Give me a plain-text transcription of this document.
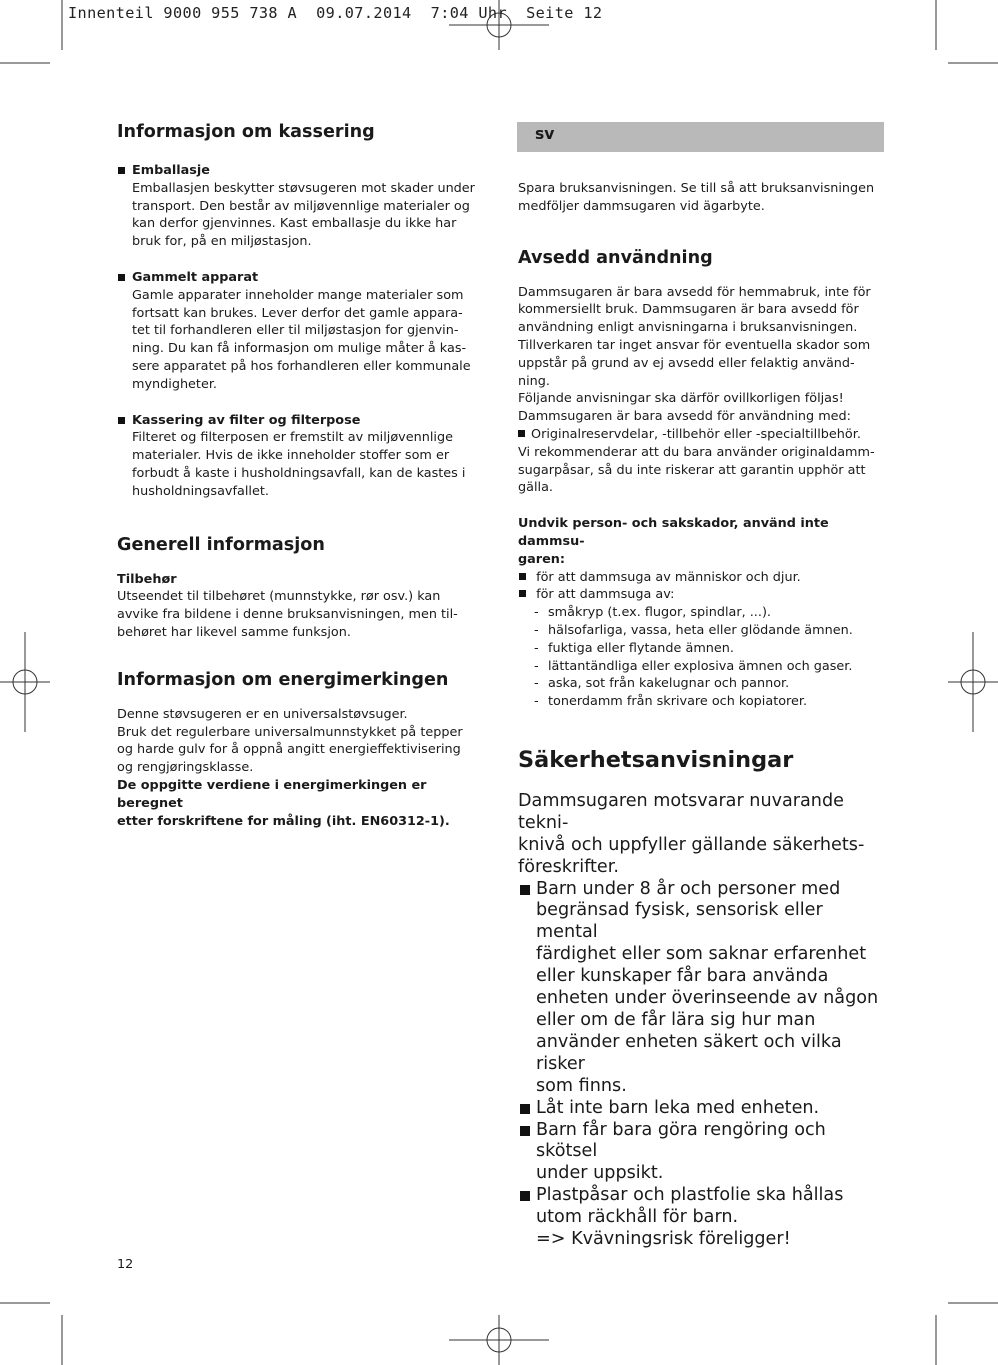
Innenteil 9000 955 738 A  09.07.2014  7:04 Uhr  Seite 12
sv
Informasjon om kassering
Emballasje
Emballasjen beskytter støvsugeren mot skader under
transport. Den består av miljøvennlige materialer og
kan derfor gjenvinnes. Kast emballasje du ikke har
bruk for, på en miljøstasjon.
Gammelt apparat
Gamle apparater inneholder mange materialer som
fortsatt kan brukes. Lever derfor det gamle appara-
tet til forhandleren eller til miljøstasjon for gjenvin-
ning. Du kan få informasjon om mulige måter å kas-
sere apparatet på hos forhandleren eller kommunale
myndigheter.
Kassering av filter og filterpose
Filteret og filterposen er fremstilt av miljøvennlige
materialer. Hvis de ikke inneholder stoffer som er
forbudt å kaste i husholdningsavfall, kan de kastes i
husholdningsavfallet.
Generell informasjon
Tilbehør
Utseendet til tilbehøret (munnstykke, rør osv.) kan
avvike fra bildene i denne bruksanvisningen, men til-
behøret har likevel samme funksjon.
Informasjon om energimerkingen
Denne støvsugeren er en universalstøvsuger.
Bruk det regulerbare universalmunnstykket på tepper
og harde gulv for å oppnå angitt energieffektivisering
og rengjøringsklasse.
De oppgitte verdiene i energimerkingen er beregnet
etter forskriftene for måling (iht. EN60312-1).
Spara bruksanvisningen. Se till så att bruksanvisningen
medföljer dammsugaren vid ägarbyte.
Avsedd användning
Dammsugaren är bara avsedd för hemmabruk, inte för
kommersiellt bruk. Dammsugaren är bara avsedd för
användning enligt anvisningarna i bruksanvisningen.
Tillverkaren tar inget ansvar för eventuella skador som
uppstår på grund av ej avsedd eller felaktig använd-
ning.
Följande anvisningar ska därför ovillkorligen följas!
Dammsugaren är bara avsedd för användning med:
Originalreservdelar, -tillbehör eller -specialtillbehör.
Vi rekommenderar att du bara använder originaldamm-
sugarpåsar, så du inte riskerar att garantin upphör att
gälla.
Undvik person- och sakskador, använd inte dammsu-
garen:
för att dammsuga av människor och djur.
för att dammsuga av:
- småkryp (t.ex. flugor, spindlar, ...).
- hälsofarliga, vassa, heta eller glödande ämnen.
- fuktiga eller flytande ämnen.
- lättantändliga eller explosiva ämnen och gaser.
- aska, sot från kakelugnar och pannor.
- tonerdamm från skrivare och kopiatorer.
Säkerhetsanvisningar
Dammsugaren motsvarar nuvarande tekni-
knivå och uppfyller gällande säkerhets-
föreskrifter.
Barn under 8 år och personer med
begränsad fysisk, sensorisk eller mental
färdighet eller som saknar erfarenhet
eller kunskaper får bara använda
enheten under överinseende av någon
eller om de får lära sig hur man
använder enheten säkert och vilka risker
som finns.
Låt inte barn leka med enheten.
Barn får bara göra rengöring och skötsel
under uppsikt.
Plastpåsar och plastfolie ska hållas
utom räckhåll för barn.
=> Kvävningsrisk föreligger!
12
